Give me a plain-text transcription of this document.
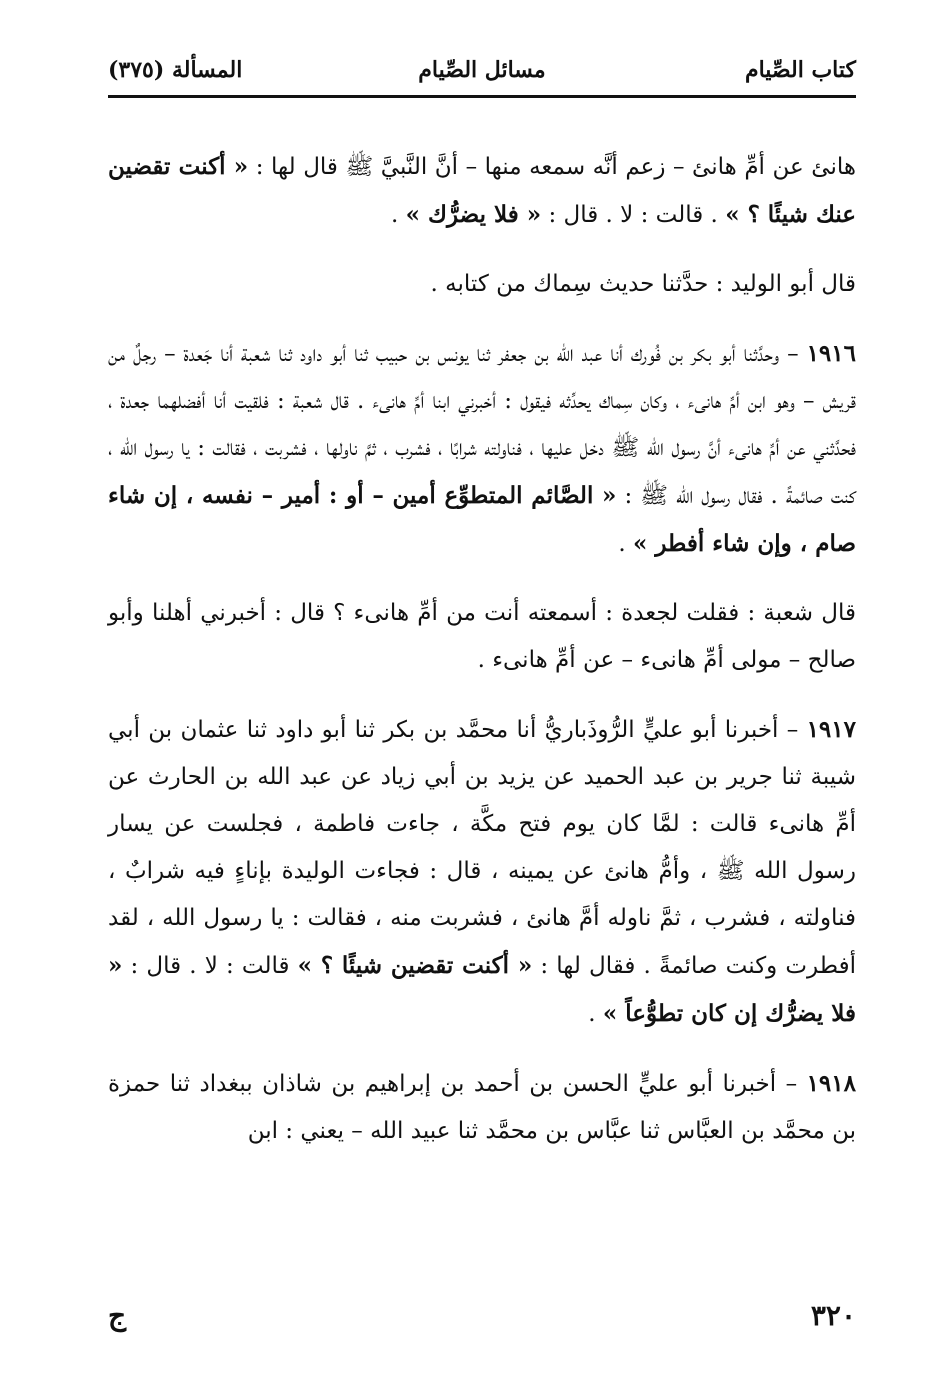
كتاب الصِّيام
مسائل الصِّيام
المسألة (٣٧٥)

هانئ عن أمِّ هانئ – زعم أنَّه سمعه منها – أنَّ النَّبيَّ ﷺ قال لها : « أكنت تقضين عنك شيئًا ؟ » . قالت : لا . قال : « فلا يضرُّك » .

قال أبو الوليد : حدَّثنا حديث سِماك من كتابه .

١٩١٦ – وحدَّثنا أبو بكر بن فُورك أنا عبد الله بن جعفر ثنا يونس بن حبيب ثنا أبو داود ثنا شعبة أنا جَعدة – رجلٌ من قريش – وهو ابن أمِّ هانىء ، وكان سِماك يحدِّثه فيقول : أخبرني ابنا أمِّ هانىء . قال شعبة : فلقيت أنا أفضلهما جعدة ، فحدَّثني عن أمِّ هانىء أنَّ رسول الله ﷺ دخل عليها ، فناولته شرابًا ، فشرب ، ثمَّ ناولها ، فشربت ، فقالت : يا رسول الله ، كنت صائمةً . فقال رسول الله ﷺ : « الصَّائم المتطوِّع أمين – أو : أمير – نفسه ، إن شاء صام ، وإن شاء أفطر » .

قال شعبة : فقلت لجعدة : أسمعته أنت من أمِّ هانىء ؟ قال : أخبرني أهلنا وأبو صالح – مولى أمِّ هانىء – عن أمِّ هانىء .

١٩١٧ – أخبرنا أبو عليٍّ الرُّوذَباريُّ أنا محمَّد بن بكر ثنا أبو داود ثنا عثمان بن أبي شيبة ثنا جرير بن عبد الحميد عن يزيد بن أبي زياد عن عبد الله بن الحارث عن أمِّ هانىء قالت : لمَّا كان يوم فتح مكَّة ، جاءت فاطمة ، فجلست عن يسار رسول الله ﷺ ، وأمُّ هانئ عن يمينه ، قال : فجاءت الوليدة بإناءٍ فيه شرابٌ ، فناولته ، فشرب ، ثمَّ ناوله أمَّ هانئ ، فشربت منه ، فقالت : يا رسول الله ، لقد أفطرت وكنت صائمةً . فقال لها : « أكنت تقضين شيئًا ؟ » قالت : لا . قال : « فلا يضرُّك إن كان تطوُّعاً » .

١٩١٨ – أخبرنا أبو عليٍّ الحسن بن أحمد بن إبراهيم بن شاذان ببغداد ثنا حمزة بن محمَّد بن العبَّاس ثنا عبَّاس بن محمَّد ثنا عبيد الله – يعني : ابن

٣٢٠
ج
